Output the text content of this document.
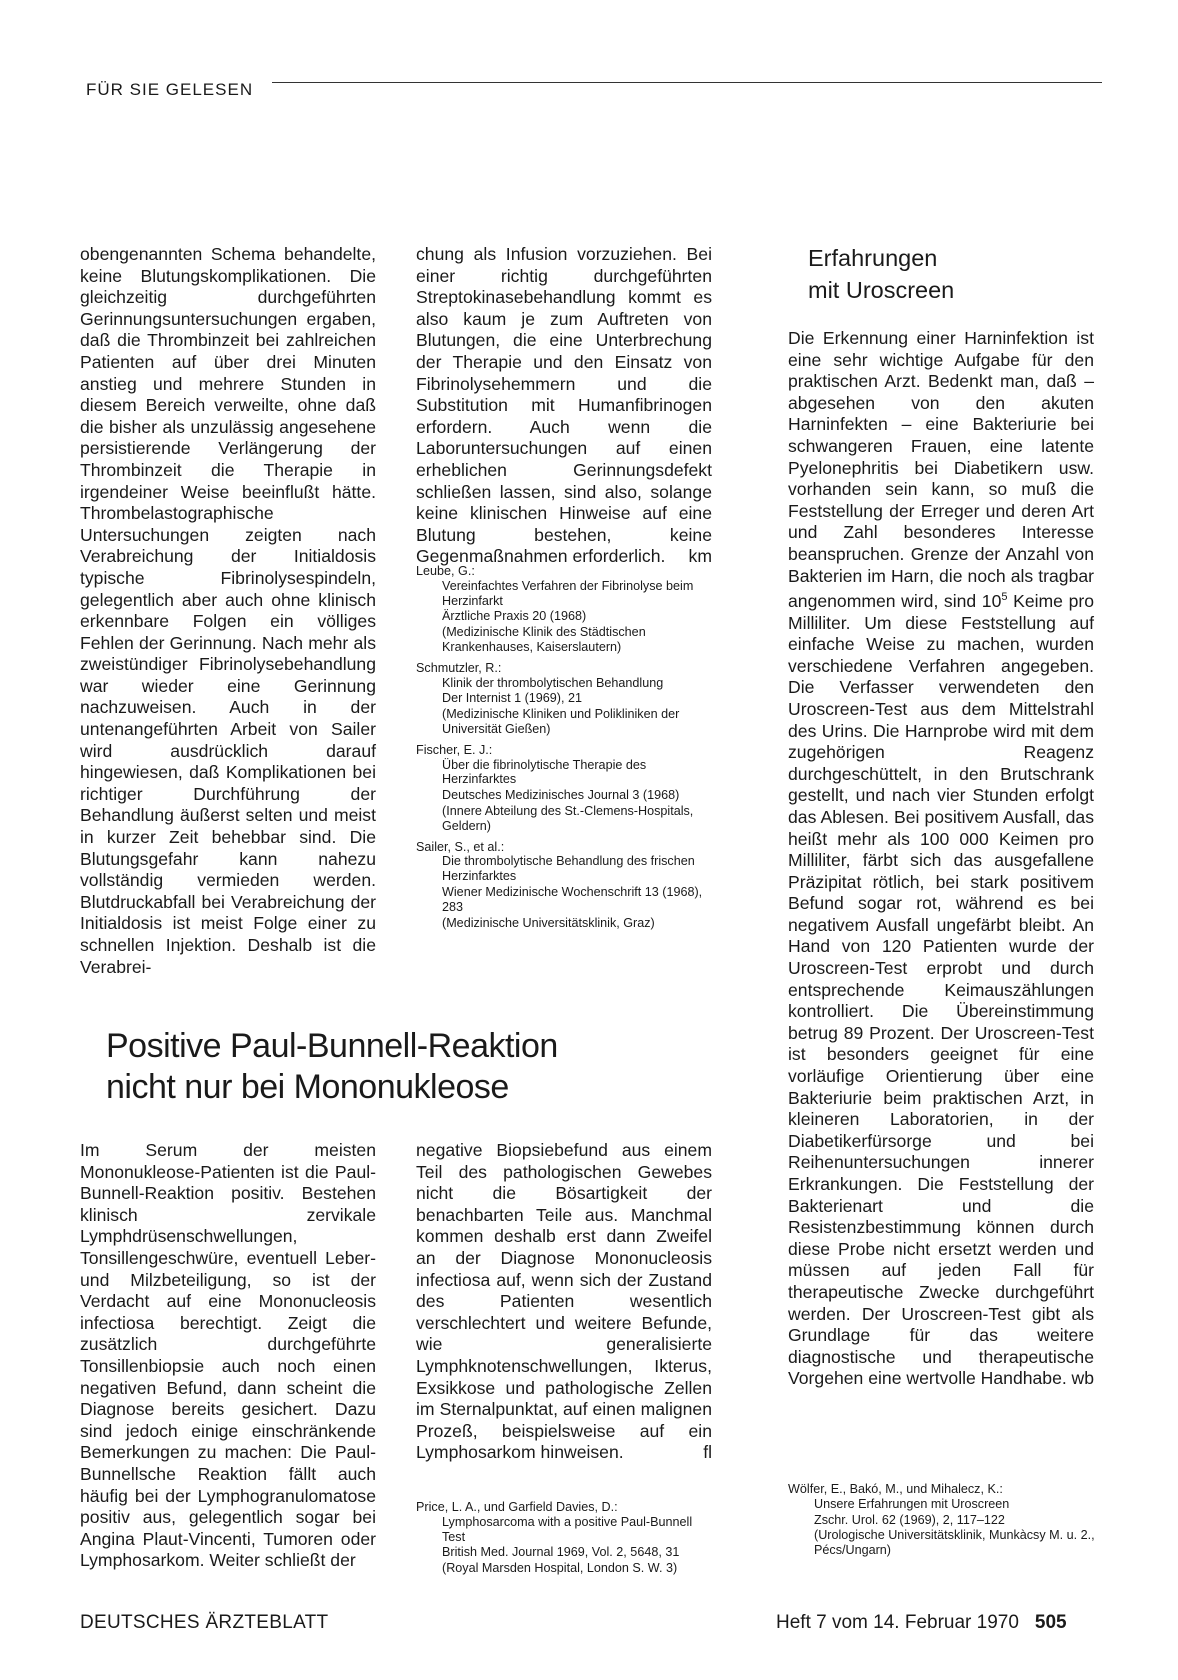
FÜR SIE GELESEN

obengenannten Schema behandelte, keine Blutungskomplikationen. Die gleichzeitig durchgeführten Gerinnungsuntersuchungen ergaben, daß die Thrombinzeit bei zahlreichen Patienten auf über drei Minuten anstieg und mehrere Stunden in diesem Bereich verweilte, ohne daß die bisher als unzulässig angesehene persistierende Verlängerung der Thrombinzeit die Therapie in irgendeiner Weise beeinflußt hätte. Thrombelastographische Untersuchungen zeigten nach Verabreichung der Initialdosis typische Fibrinolysespindeln, gelegentlich aber auch ohne klinisch erkennbare Folgen ein völliges Fehlen der Gerinnung. Nach mehr als zweistündiger Fibrinolysebehandlung war wieder eine Gerinnung nachzuweisen. Auch in der untenangeführten Arbeit von Sailer wird ausdrücklich darauf hingewiesen, daß Komplikationen bei richtiger Durchführung der Behandlung äußerst selten und meist in kurzer Zeit behebbar sind. Die Blutungsgefahr kann nahezu vollständig vermieden werden. Blutdruckabfall bei Verabreichung der Initialdosis ist meist Folge einer zu schnellen Injektion. Deshalb ist die Verabrei-

chung als Infusion vorzuziehen. Bei einer richtig durchgeführten Streptokinasebehandlung kommt es also kaum je zum Auftreten von Blutungen, die eine Unterbrechung der Therapie und den Einsatz von Fibrinolysehemmern und die Substitution mit Humanfibrinogen erfordern. Auch wenn die Laboruntersuchungen auf einen erheblichen Gerinnungsdefekt schließen lassen, sind also, solange keine klinischen Hinweise auf eine Blutung bestehen, keine Gegenmaßnahmen erforderlich. km

Leube, G.:
Vereinfachtes Verfahren der Fibrinolyse beim Herzinfarkt
Ärztliche Praxis 20 (1968)
(Medizinische Klinik des Städtischen Krankenhauses, Kaiserslautern)
Schmutzler, R.:
Klinik der thrombolytischen Behandlung
Der Internist 1 (1969), 21
(Medizinische Kliniken und Polikliniken der Universität Gießen)
Fischer, E. J.:
Über die fibrinolytische Therapie des Herzinfarktes
Deutsches Medizinisches Journal 3 (1968)
(Innere Abteilung des St.-Clemens-Hospitals, Geldern)
Sailer, S., et al.:
Die thrombolytische Behandlung des frischen Herzinfarktes
Wiener Medizinische Wochenschrift 13 (1968), 283
(Medizinische Universitätsklinik, Graz)
Positive Paul-Bunnell-Reaktion
nicht nur bei Mononukleose

Im Serum der meisten Mononukleose-Patienten ist die Paul-Bunnell-Reaktion positiv. Bestehen klinisch zervikale Lymphdrüsenschwellungen, Tonsillengeschwüre, eventuell Leber- und Milzbeteiligung, so ist der Verdacht auf eine Mononucleosis infectiosa berechtigt. Zeigt die zusätzlich durchgeführte Tonsillenbiopsie auch noch einen negativen Befund, dann scheint die Diagnose bereits gesichert. Dazu sind jedoch einige einschränkende Bemerkungen zu machen: Die Paul-Bunnellsche Reaktion fällt auch häufig bei der Lymphogranulomatose positiv aus, gelegentlich sogar bei Angina Plaut-Vincenti, Tumoren oder Lymphosarkom. Weiter schließt der

negative Biopsiebefund aus einem Teil des pathologischen Gewebes nicht die Bösartigkeit der benachbarten Teile aus. Manchmal kommen deshalb erst dann Zweifel an der Diagnose Mononucleosis infectiosa auf, wenn sich der Zustand des Patienten wesentlich verschlechtert und weitere Befunde, wie generalisierte Lymphknotenschwellungen, Ikterus, Exsikkose und pathologische Zellen im Sternalpunktat, auf einen malignen Prozeß, beispielsweise auf ein Lymphosarkom hinweisen.	fl

Price, L. A., und Garfield Davies, D.:
Lymphosarcoma with a positive Paul-Bunnell Test
British Med. Journal 1969, Vol. 2, 5648, 31
(Royal Marsden Hospital, London S. W. 3)
Erfahrungen
mit Uroscreen

Die Erkennung einer Harninfektion ist eine sehr wichtige Aufgabe für den praktischen Arzt. Bedenkt man, daß – abgesehen von den akuten Harninfekten – eine Bakteriurie bei schwangeren Frauen, eine latente Pyelonephritis bei Diabetikern usw. vorhanden sein kann, so muß die Feststellung der Erreger und deren Art und Zahl besonderes Interesse beanspruchen. Grenze der Anzahl von Bakterien im Harn, die noch als tragbar angenommen wird, sind $10^5$ Keime pro Milliliter. Um diese Feststellung auf einfache Weise zu machen, wurden verschiedene Verfahren angegeben. Die Verfasser verwendeten den Uroscreen-Test aus dem Mittelstrahl des Urins. Die Harnprobe wird mit dem zugehörigen Reagenz durchgeschüttelt, in den Brutschrank gestellt, und nach vier Stunden erfolgt das Ablesen. Bei positivem Ausfall, das heißt mehr als 100 000 Keimen pro Milliliter, färbt sich das ausgefallene Präzipitat rötlich, bei stark positivem Befund sogar rot, während es bei negativem Ausfall ungefärbt bleibt. An Hand von 120 Patienten wurde der Uroscreen-Test erprobt und durch entsprechende Keimauszählungen kontrolliert. Die Übereinstimmung betrug 89 Prozent. Der Uroscreen-Test ist besonders geeignet für eine vorläufige Orientierung über eine Bakteriurie beim praktischen Arzt, in kleineren Laboratorien, in der Diabetikerfürsorge und bei Reihenuntersuchungen innerer Erkrankungen. Die Feststellung der Bakterienart und die Resistenzbestimmung können durch diese Probe nicht ersetzt werden und müssen auf jeden Fall für therapeutische Zwecke durchgeführt werden. Der Uroscreen-Test gibt als Grundlage für das weitere diagnostische und therapeutische Vorgehen eine wertvolle Handhabe. wb

Wölfer, E., Bakó, M., und Mihalecz, K.:
Unsere Erfahrungen mit Uroscreen
Zschr. Urol. 62 (1969), 2, 117–122
(Urologische Universitätsklinik, Munkàcsy M. u. 2., Pécs/Ungarn)
DEUTSCHES ÄRZTEBLATT	Heft 7 vom 14. Februar 1970 505
